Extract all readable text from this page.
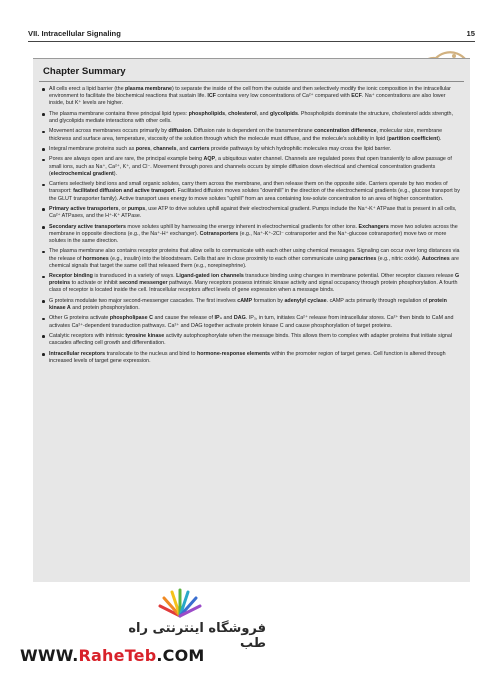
VII. Intracellular Signaling	15
Chapter Summary
All cells erect a lipid barrier (the plasma membrane) to separate the inside of the cell from the outside and then selectively modify the ionic composition in the intracellular environment to facilitate the biochemical reactions that sustain life. ICF contains very low concentrations of Ca²⁺ compared with ECF. Na⁺ concentrations are also lower inside, but K⁺ levels are higher.
The plasma membrane contains three principal lipid types: phospholipids, cholesterol, and glycolipids. Phospholipids dominate the structure, cholesterol adds strength, and glycolipids mediate interactions with other cells.
Movement across membranes occurs primarily by diffusion. Diffusion rate is dependent on the transmembrane concentration difference, molecular size, membrane thickness and surface area, temperature, viscosity of the solution through which the molecule must diffuse, and the molecule's solubility in lipid (partition coefficient).
Integral membrane proteins such as pores, channels, and carriers provide pathways by which hydrophilic molecules may cross the lipid barrier.
Pores are always open and are rare, the principal example being AQP, a ubiquitous water channel. Channels are regulated pores that open transiently to allow passage of small ions, such as Na⁺, Ca²⁺, K⁺, and Cl⁻. Movement through pores and channels occurs by simple diffusion down electrical and chemical concentration gradients (electrochemical gradient).
Carriers selectively bind ions and small organic solutes, carry them across the membrane, and then release them on the opposite side. Carriers operate by two modes of transport: facilitated diffusion and active transport. Facilitated diffusion moves solutes "downhill" in the direction of the electrochemical gradients (e.g., glucose transport by the GLUT transporter family). Active transport uses energy to move solutes "uphill" from an area containing low-solute concentration to an area of higher concentration.
Primary active transporters, or pumps, use ATP to drive solutes uphill against their electrochemical gradient. Pumps include the Na⁺-K⁺ ATPase that is present in all cells, Ca²⁺ ATPases, and the H⁺-K⁺ ATPase.
Secondary active transporters move solutes uphill by harnessing the energy inherent in electrochemical gradients for other ions. Exchangers move two solutes across the membrane in opposite directions (e.g., the Na⁺-H⁺ exchanger). Cotransporters (e.g., Na⁺-K⁺-2Cl⁻ cotransporter and the Na⁺-glucose cotransporter) move two or more solutes in the same direction.
The plasma membrane also contains receptor proteins that allow cells to communicate with each other using chemical messages. Signaling can occur over long distances via the release of hormones (e.g., insulin) into the bloodstream. Cells that are in close proximity to each other communicate using paracrines (e.g., nitric oxide). Autocrines are chemical signals that target the same cell that released them (e.g., norepinephrine).
Receptor binding is transduced in a variety of ways. Ligand-gated ion channels transduce binding using changes in membrane potential. Other receptor classes release G proteins to activate or inhibit second messenger pathways. Many receptors possess intrinsic kinase activity and signal occupancy through protein phosphorylation. A fourth class of receptor is located inside the cell. Intracellular receptors affect levels of gene expression when a message binds.
G proteins modulate two major second-messenger cascades. The first involves cAMP formation by adenylyl cyclase. cAMP acts primarily through regulation of protein kinase A and protein phosphorylation.
Other G proteins activate phospholipase C and cause the release of IP₃ and DAG. IP₃, in turn, initiates Ca²⁺ release from intracellular stores. Ca²⁺ then binds to CaM and activates Ca²⁺-dependent transduction pathways. Ca²⁺ and DAG together activate protein kinase C and cause phosphorylation of target proteins.
Catalytic receptors with intrinsic tyrosine kinase activity autophosphorylate when the message binds. This allows them to complex with adapter proteins that initiate signal cascades affecting cell growth and differentiation.
Intracellular receptors translocate to the nucleus and bind to hormone-response elements within the promoter region of target genes. Cell function is altered through increased levels of target gene expression.
فروشگاه اینترنتی راه طب
WWW.RaheTeb.COM
